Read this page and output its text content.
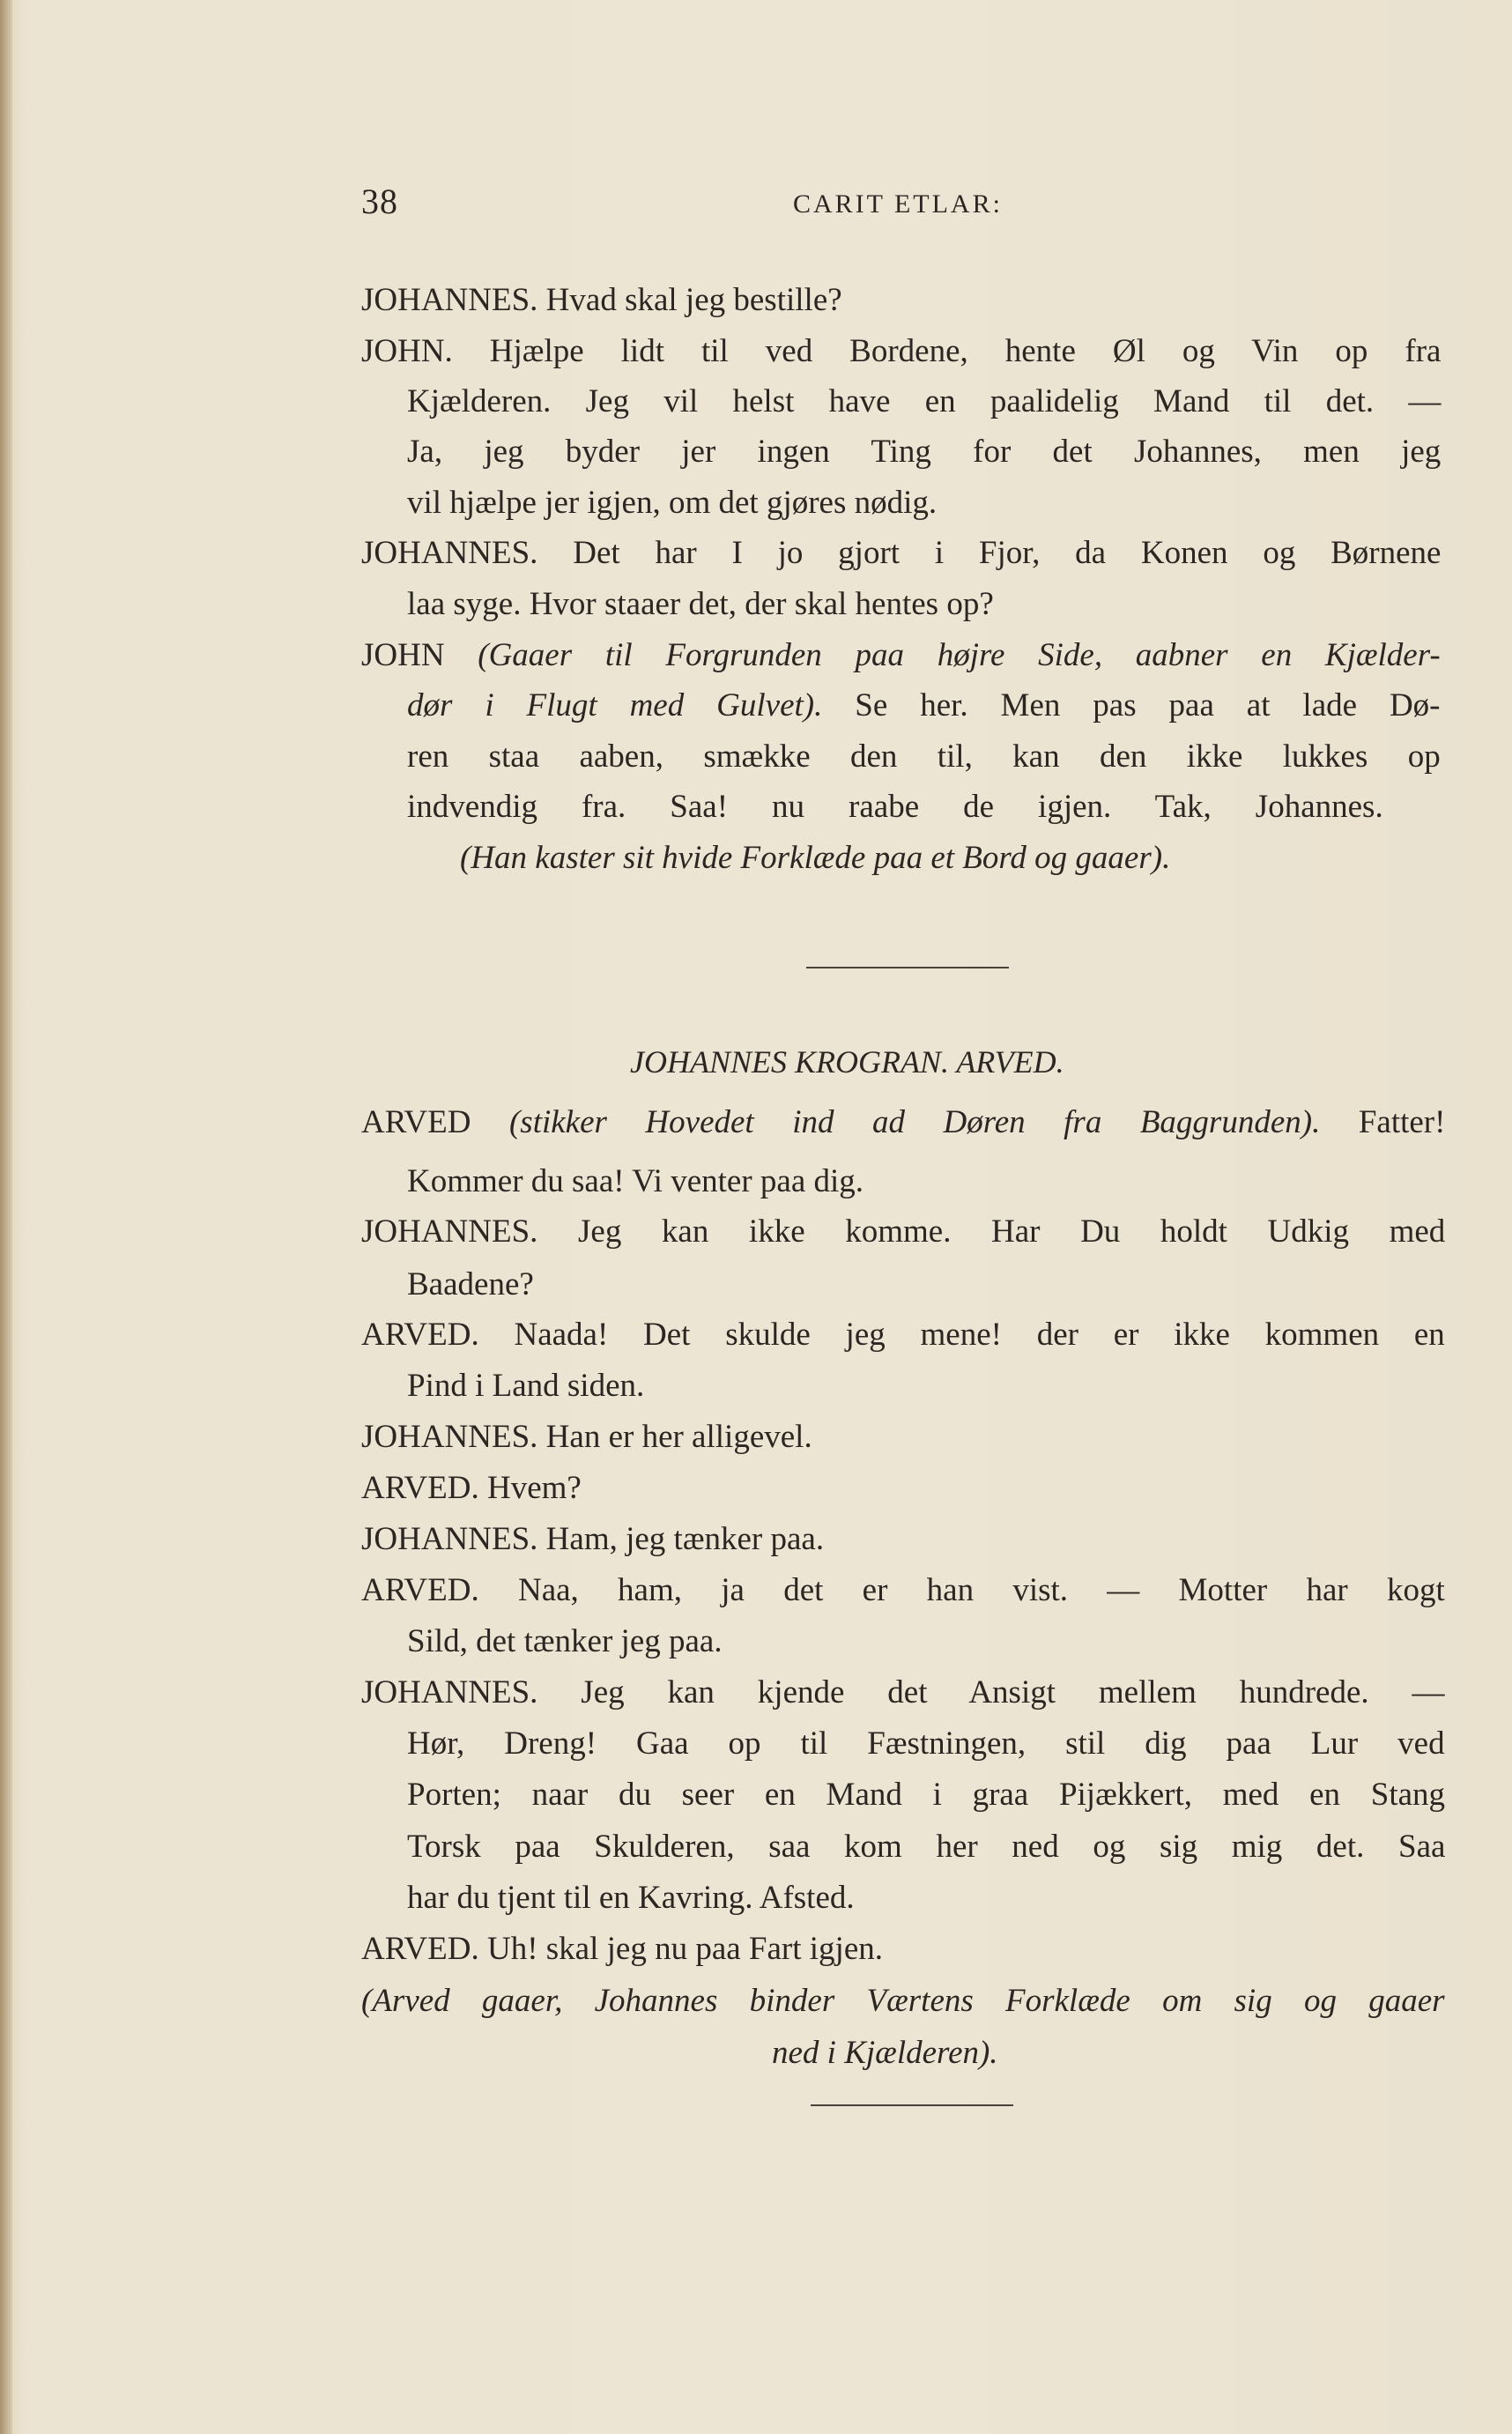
38	CARIT ETLAR:
JOHANNES. Hvad skal jeg bestille?
JOHN. Hjælpe lidt til ved Bordene, hente Øl og Vin op fra
Kjælderen. Jeg vil helst have en paalidelig Mand til det. —
Ja, jeg byder jer ingen Ting for det Johannes, men jeg
vil hjælpe jer igjen, om det gjøres nødig.
JOHANNES. Det har I jo gjort i Fjor, da Konen og Børnene
laa syge. Hvor staaer det, der skal hentes op?
JOHN (Gaaer til Forgrunden paa højre Side, aabner en Kjælder-
dør i Flugt med Gulvet). Se her. Men pas paa at lade Dø-
ren staa aaben, smække den til, kan den ikke lukkes op
indvendig fra. Saa! nu raabe de igjen. Tak, Johannes.
(Han kaster sit hvide Forklæde paa et Bord og gaaer).
JOHANNES KROGRAN. ARVED.
ARVED (stikker Hovedet ind ad Døren fra Baggrunden). Fatter!
Kommer du saa! Vi venter paa dig.
JOHANNES. Jeg kan ikke komme. Har Du holdt Udkig med
Baadene?
ARVED. Naada! Det skulde jeg mene! der er ikke kommen en
Pind i Land siden.
JOHANNES. Han er her alligevel.
ARVED. Hvem?
JOHANNES. Ham, jeg tænker paa.
ARVED. Naa, ham, ja det er han vist. — Motter har kogt
Sild, det tænker jeg paa.
JOHANNES. Jeg kan kjende det Ansigt mellem hundrede. —
Hør, Dreng! Gaa op til Fæstningen, stil dig paa Lur ved
Porten; naar du seer en Mand i graa Pijækkert, med en Stang
Torsk paa Skulderen, saa kom her ned og sig mig det. Saa
har du tjent til en Kavring. Afsted.
ARVED. Uh! skal jeg nu paa Fart igjen.
(Arved gaaer, Johannes binder Værtens Forklæde om sig og gaaer
ned i Kjælderen).
